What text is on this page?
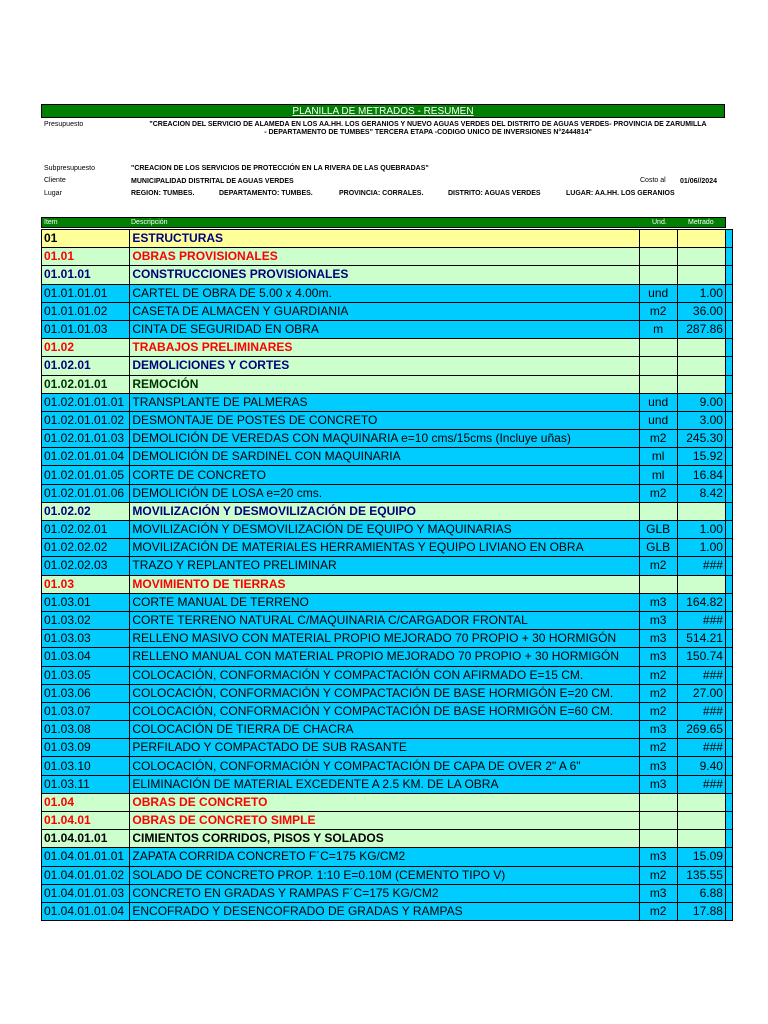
PLANILLA DE METRADOS - RESUMEN
Presupuesto	"CREACION DEL SERVICIO DE ALAMEDA EN LOS AA.HH. LOS GERANIOS Y NUEVO AGUAS VERDES DEL DISTRITO DE AGUAS VERDES- PROVINCIA DE ZARUMILLA
- DEPARTAMENTO DE TUMBES" TERCERA ETAPA -CODIGO UNICO DE INVERSIONES N°2444814"
Subpresupuesto	"CREACION DE LOS SERVICIOS DE PROTECCIÓN EN LA RIVERA DE LAS QUEBRADAS"
Cliente	MUNICIPALIDAD DISTRITAL DE AGUAS VERDES	Costo al 01/06//2024
Lugar	REGION: TUMBES.	DEPARTAMENTO: TUMBES.	PROVINCIA: CORRALES.	DISTRITO: AGUAS VERDES	LUGAR: AA.HH. LOS GERANIOS
Item	Descripción	Und.	Metrado
01	ESTRUCTURAS			
01.01	OBRAS PROVISIONALES			
01.01.01	CONSTRUCCIONES PROVISIONALES			
01.01.01.01	CARTEL DE OBRA DE 5.00 x 4.00m.	und	1.00	
01.01.01.02	CASETA DE ALMACEN Y GUARDIANIA	m2	36.00	
01.01.01.03	CINTA DE SEGURIDAD EN OBRA	m	287.86	
01.02	TRABAJOS PRELIMINARES			
01.02.01	DEMOLICIONES Y CORTES			
01.02.01.01	REMOCIÓN			
01.02.01.01.01	TRANSPLANTE DE PALMERAS	und	9.00	
01.02.01.01.02	DESMONTAJE DE POSTES DE CONCRETO	und	3.00	
01.02.01.01.03	DEMOLICIÓN DE VEREDAS CON MAQUINARIA e=10 cms/15cms (Incluye uñas)	m2	245.30	
01.02.01.01.04	DEMOLICIÓN DE SARDINEL CON MAQUINARIA	ml	15.92	
01.02.01.01.05	CORTE DE CONCRETO	ml	16.84	
01.02.01.01.06	DEMOLICIÓN DE LOSA e=20 cms.	m2	8.42	
01.02.02	MOVILIZACIÓN Y DESMOVILIZACIÓN DE EQUIPO			
01.02.02.01	MOVILIZACIÓN Y DESMOVILIZACIÓN DE EQUIPO Y MAQUINARIAS	GLB	1.00	
01.02.02.02	MOVILIZACIÓN DE MATERIALES HERRAMIENTAS Y EQUIPO LIVIANO EN OBRA	GLB	1.00	
01.02.02.03	TRAZO Y REPLANTEO PRELIMINAR	m2	###	
01.03	MOVIMIENTO DE TIERRAS			
01.03.01	CORTE MANUAL DE TERRENO	m3	164.82	
01.03.02	CORTE TERRENO NATURAL C/MAQUINARIA C/CARGADOR FRONTAL	m3	###	
01.03.03	RELLENO MASIVO CON MATERIAL PROPIO MEJORADO 70 PROPIO + 30 HORMIGÓN	m3	514.21	
01.03.04	RELLENO MANUAL CON MATERIAL PROPIO MEJORADO 70 PROPIO + 30 HORMIGÓN	m3	150.74	
01.03.05	COLOCACIÓN, CONFORMACIÓN Y COMPACTACIÓN CON AFIRMADO E=15 CM.	m2	###	
01.03.06	COLOCACIÓN, CONFORMACIÓN Y COMPACTACIÓN DE BASE HORMIGÓN E=20 CM.	m2	27.00	
01.03.07	COLOCACIÓN, CONFORMACIÓN Y COMPACTACIÓN DE BASE HORMIGÓN E=60 CM.	m2	###	
01.03.08	COLOCACIÓN DE TIERRA DE CHACRA	m3	269.65	
01.03.09	PERFILADO Y COMPACTADO DE SUB RASANTE	m2	###	
01.03.10	COLOCACIÓN, CONFORMACIÓN Y COMPACTACIÓN DE CAPA DE OVER 2" A 6"	m3	9.40	
01.03.11	ELIMINACIÓN DE MATERIAL EXCEDENTE A 2.5 KM. DE LA OBRA	m3	###	
01.04	OBRAS DE CONCRETO			
01.04.01	OBRAS DE CONCRETO SIMPLE			
01.04.01.01	CIMIENTOS CORRIDOS, PISOS Y SOLADOS			
01.04.01.01.01	ZAPATA CORRIDA CONCRETO F´C=175 KG/CM2	m3	15.09	
01.04.01.01.02	SOLADO DE CONCRETO PROP. 1:10 E=0.10M (CEMENTO TIPO V)	m2	135.55	
01.04.01.01.03	CONCRETO EN GRADAS Y RAMPAS F´C=175 KG/CM2	m3	6.88	
01.04.01.01.04	ENCOFRADO Y DESENCOFRADO DE GRADAS Y RAMPAS	m2	17.88	
